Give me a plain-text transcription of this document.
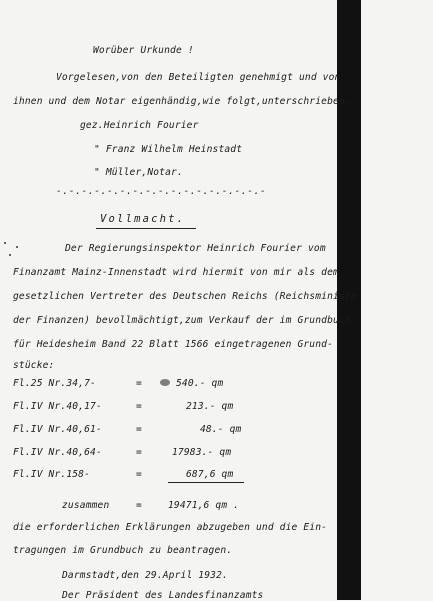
Worüber Urkunde !
Vorgelesen,von den Beteiligten genehmigt und von
ihnen und dem Notar eigenhändig,wie folgt,unterschrieben.
gez.Heinrich Fourier
" Franz Wilhelm Heinstadt
" Müller,Notar.
-.-.-.-.-.-.-.-.-.-.-.-.-.-.-.-.-
Vollmacht.
Der Regierungsinspektor Heinrich Fourier vom
Finanzamt Mainz-Innenstadt wird hiermit von mir als dem
gesetzlichen Vertreter des Deutschen Reichs (Reichsministe
der Finanzen) bevollmächtigt,zum Verkauf der im Grundbuch
für Heidesheim Band 22 Blatt 1566 eingetragenen Grund-
stücke:
Fl.25 Nr.34,7-	=	540.- qm
Fl.IV Nr.40,17-	=	213.- qm
Fl.IV Nr.40,61-	=	48.- qm
Fl.IV Nr.40,64-	=	17983.- qm
Fl.IV Nr.158-	=	687,6 qm
zusammen	=	19471,6 qm .
die erforderlichen Erklärungen abzugeben und die Ein-
tragungen im Grundbuch zu beantragen.
Darmstadt,den 29.April 1932.
Der Präsident des Landesfinanzamts
